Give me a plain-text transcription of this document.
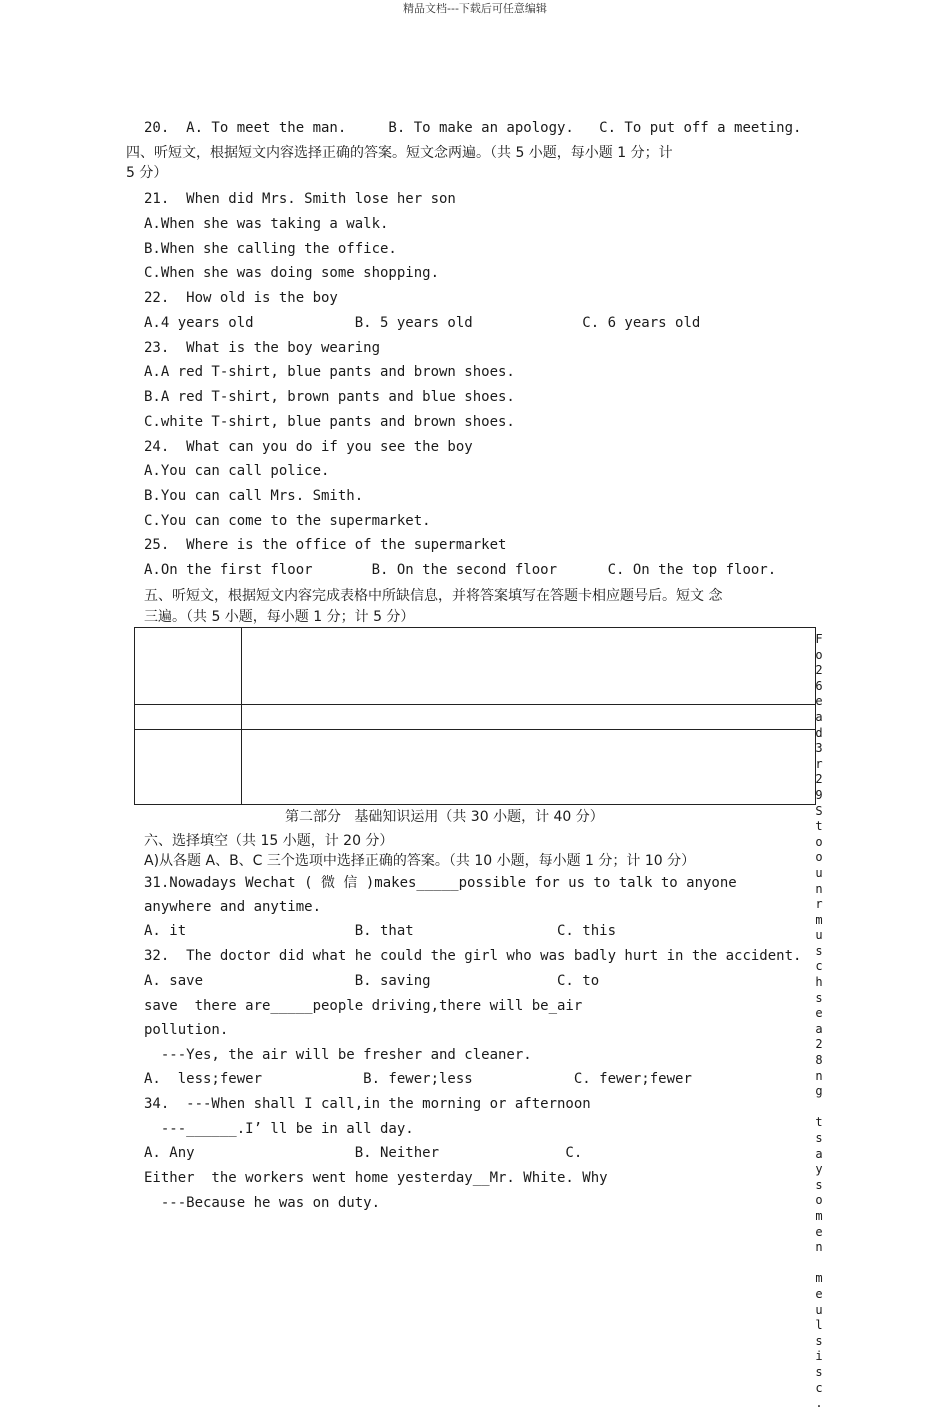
精品文档---下载后可任意编辑
20.  A. To meet the man.     B. To make an apology.   C. To put off a meeting.
四、听短文，根据短文内容选择正确的答案。短文念两遍。（共 5 小题，每小题 1 分；计
5 分）
21.  When did Mrs. Smith lose her son
A.When she was taking a walk.
B.When she calling the office.
C.When she was doing some shopping.
22.  How old is the boy
A.4 years old            B. 5 years old             C. 6 years old
23.  What is the boy wearing
A.A red T-shirt, blue pants and brown shoes.
B.A red T-shirt, brown pants and blue shoes.
C.white T-shirt, blue pants and brown shoes.
24.  What can you do if you see the boy
A.You can call police.
B.You can call Mrs. Smith.
C.You can come to the supermarket.
25.  Where is the office of the supermarket
A.On the first floor       B. On the second floor      C. On the top floor.
五、听短文，根据短文内容完成表格中所缺信息，并将答案填写在答题卡相应题号后。短文 念
三遍。（共 5 小题，每小题 1 分；计 5 分）
第二部分   基础知识运用（共 30 小题，计 40 分）
六、选择填空（共 15 小题，计 20 分）
A)从各题 A、B、C 三个选项中选择正确的答案。（共 10 小题，每小题 1 分；计 10 分）
31.Nowadays Wechat ( 微 信 )makes_____possible for us to talk to anyone
anywhere and anytime.
A. it                    B. that                 C. this
32.  The doctor did what he could the girl who was badly hurt in the accident.
A. save                  B. saving               C. to
save  there are_____people driving,there will be_air
pollution.
---Yes, the air will be fresher and cleaner.
A.  less;fewer            B. fewer;less            C. fewer;fewer
34.  ---When shall I call,in the morning or afternoon
---______.I’ ll be in all day.
A. Any                   B. Neither               C.
Either  the workers went home yesterday__Mr. White. Why
---Because he was on duty.

F
o
2
6
e
a
d
3
r
2
9
S
t
o
o
u
n
r
m
u
s
c
h
s
e
a
2
8
n
g

t
s
a
y
s
o
m
e
n

m
e
u
l
s
i
s
c
.
